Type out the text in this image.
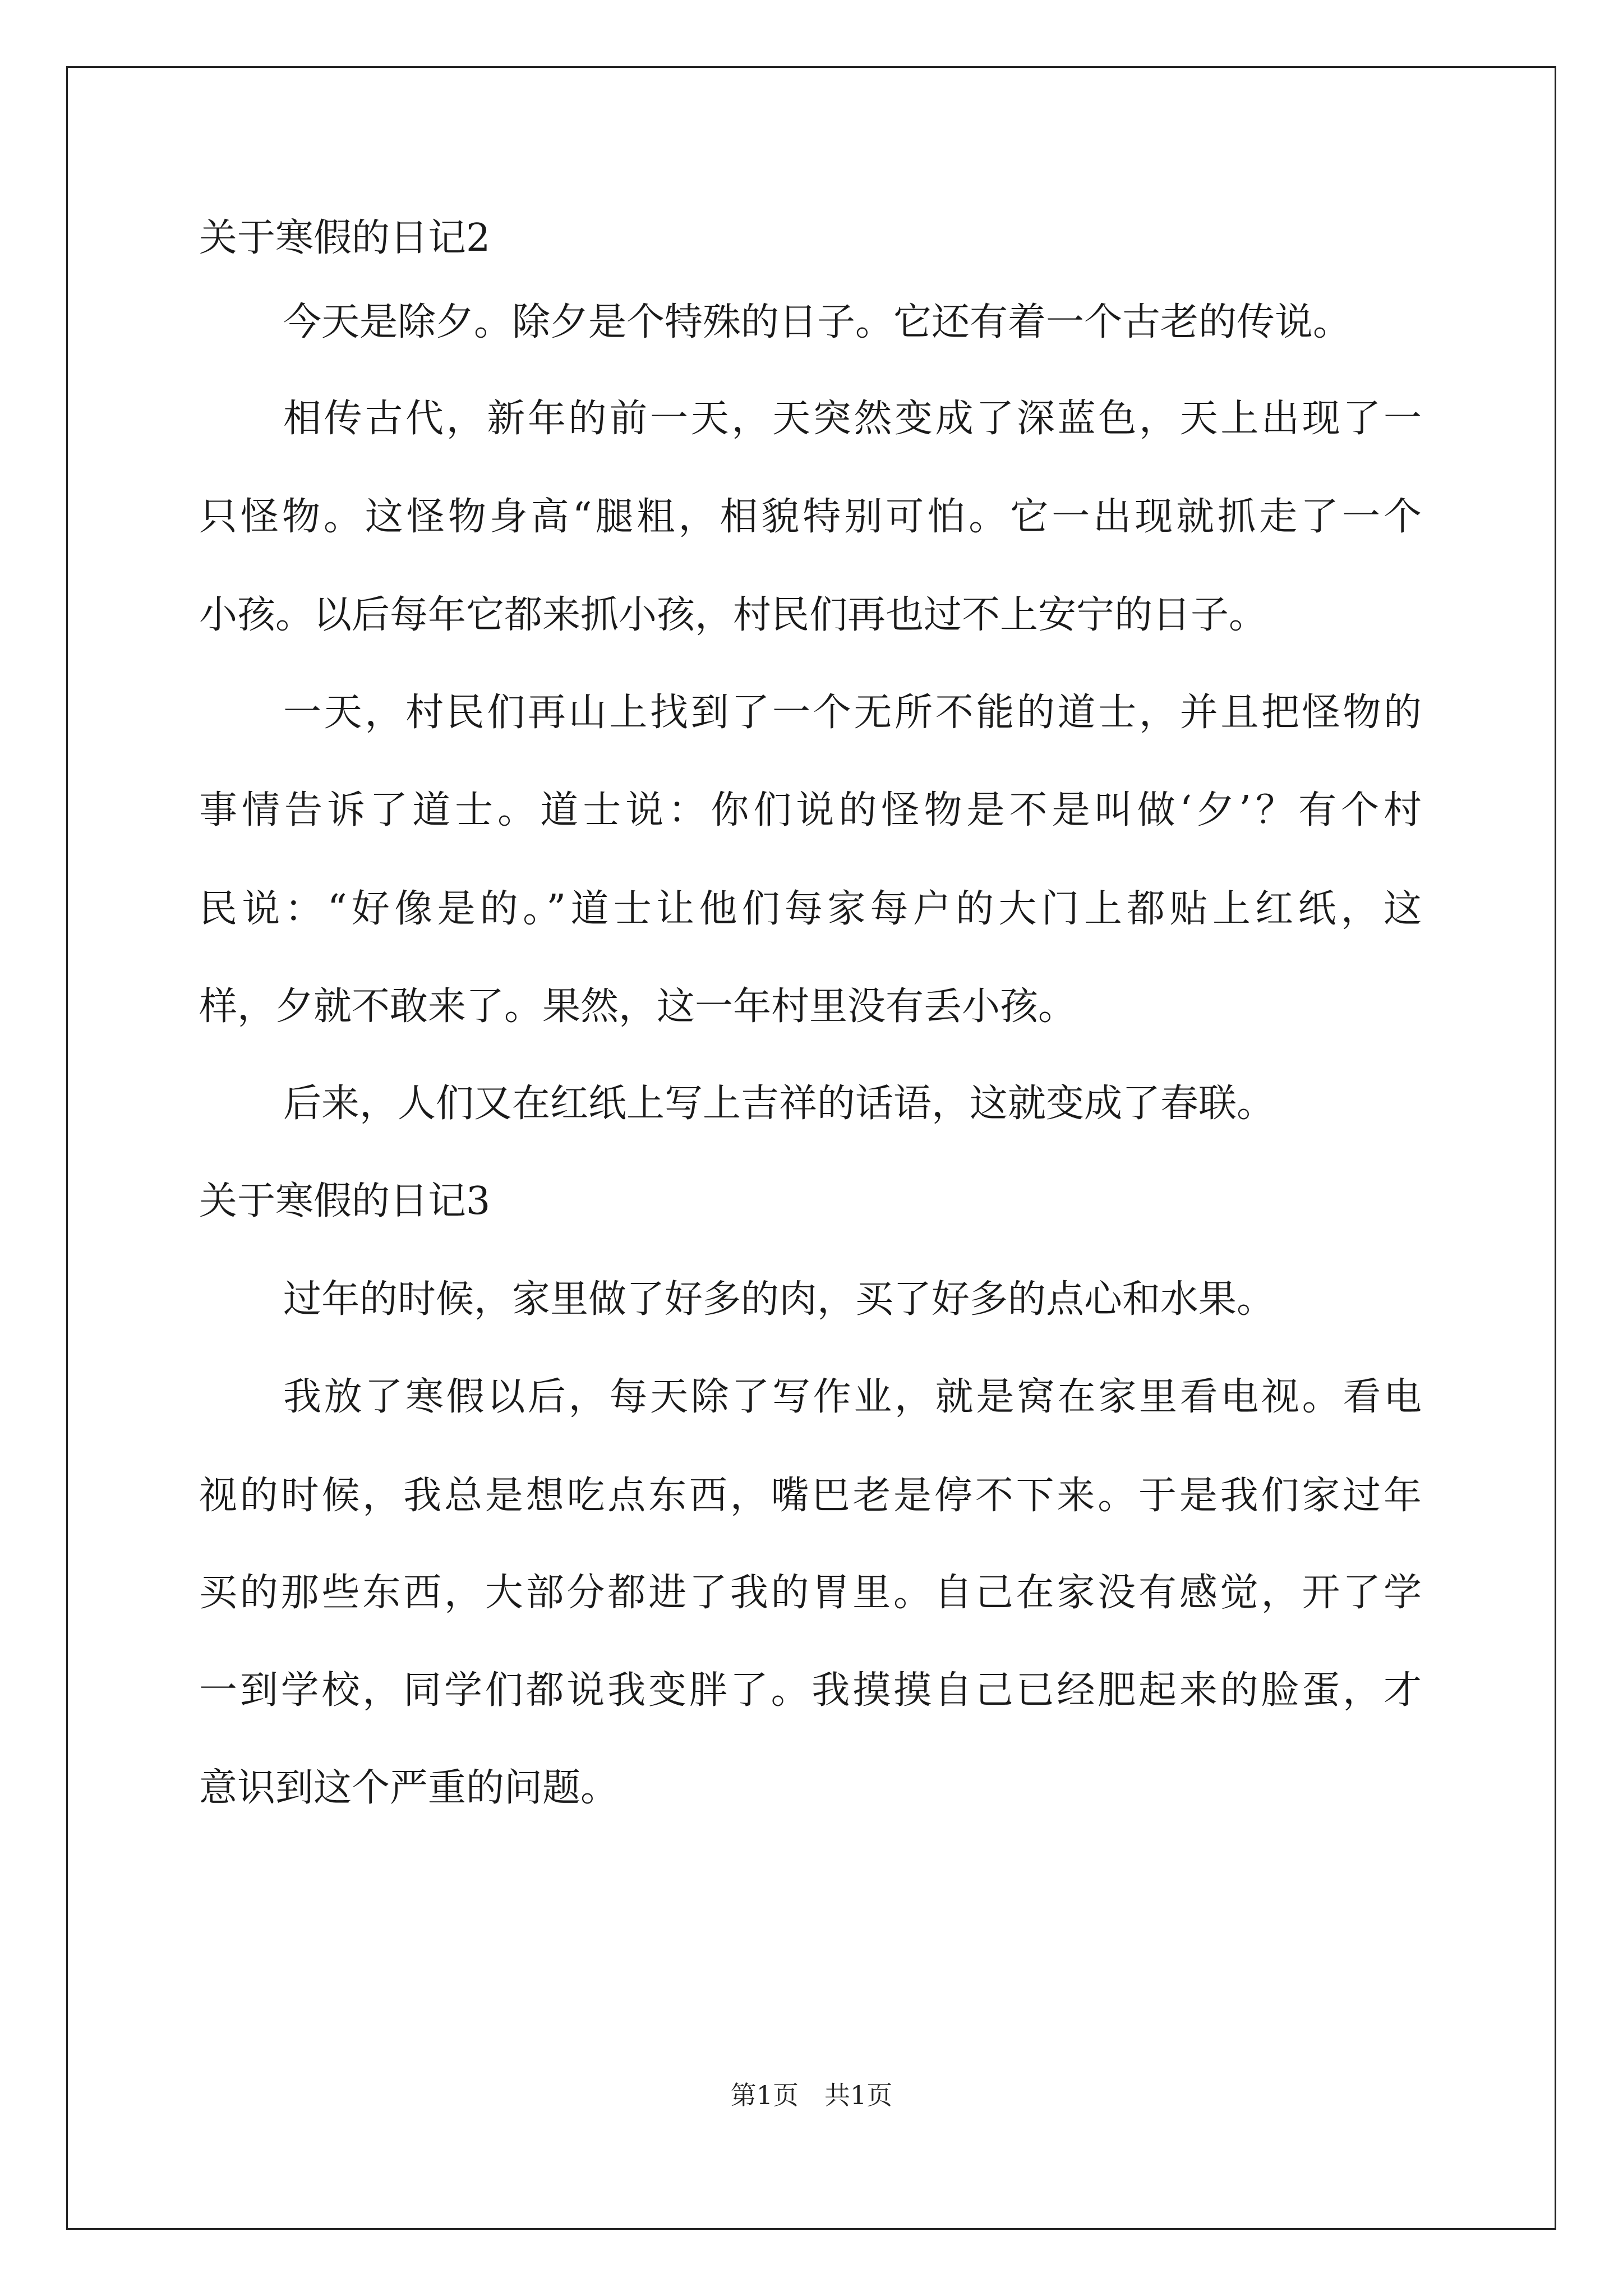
关于寒假的日记2
今天是除夕。除夕是个特殊的日子。它还有着一个古老的传说。
相传古代，新年的前一天，天突然变成了深蓝色，天上出现了一
只怪物。这怪物身高“腿粗，相貌特别可怕。它一出现就抓走了一个
小孩。以后每年它都来抓小孩，村民们再也过不上安宁的日子。
一天，村民们再山上找到了一个无所不能的道士，并且把怪物的
事情告诉了道士。道士说：你们说的怪物是不是叫做‘夕’？有个村
民说：“好像是的。”道士让他们每家每户的大门上都贴上红纸，这
样，夕就不敢来了。果然，这一年村里没有丢小孩。
后来，人们又在红纸上写上吉祥的话语，这就变成了春联。
关于寒假的日记3
过年的时候，家里做了好多的肉，买了好多的点心和水果。
我放了寒假以后，每天除了写作业，就是窝在家里看电视。看电
视的时候，我总是想吃点东西，嘴巴老是停不下来。于是我们家过年
买的那些东西，大部分都进了我的胃里。自己在家没有感觉，开了学
一到学校，同学们都说我变胖了。我摸摸自己已经肥起来的脸蛋，才
意识到这个严重的问题。
第1页　共1页
